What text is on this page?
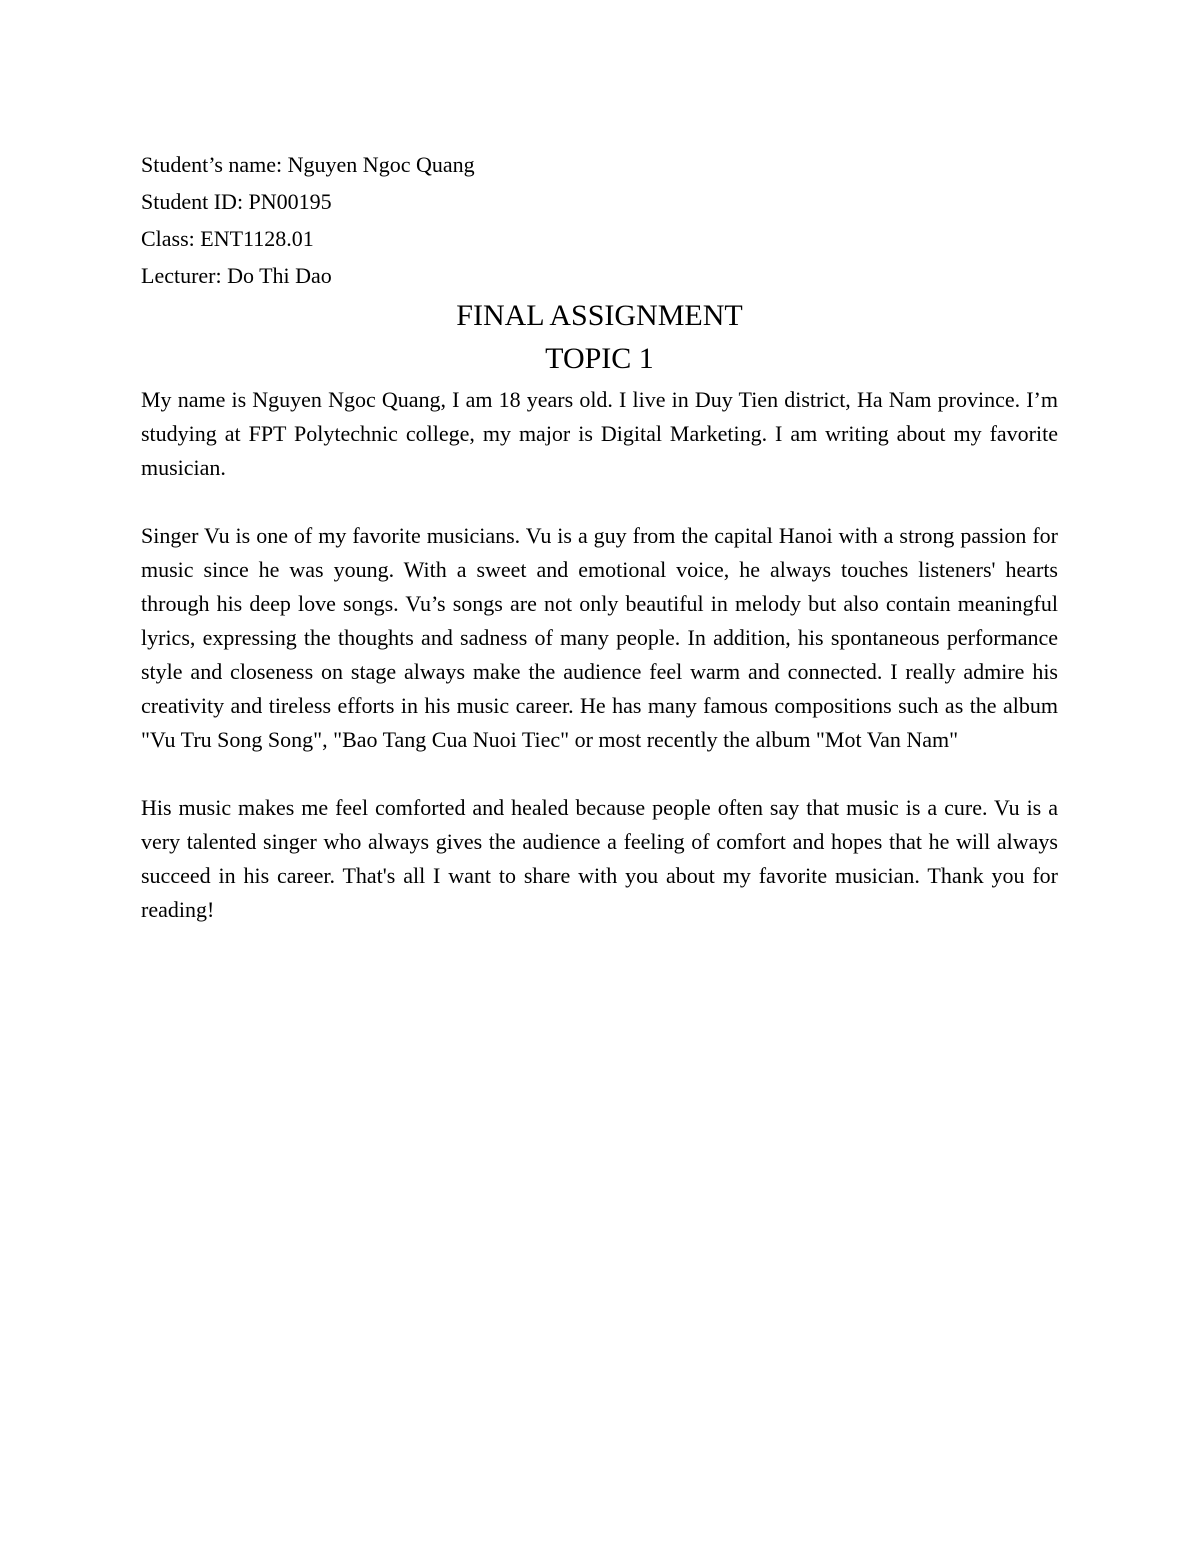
Student’s name: Nguyen Ngoc Quang
Student ID: PN00195
Class: ENT1128.01
Lecturer: Do Thi Dao
FINAL ASSIGNMENT
TOPIC 1

My name is Nguyen Ngoc Quang, I am 18 years old. I live in Duy Tien district, Ha Nam province. I’m studying at FPT Polytechnic college, my major is Digital Marketing. I am writing about my favorite musician.

Singer Vu is one of my favorite musicians. Vu is a guy from the capital Hanoi with a strong passion for music since he was young. With a sweet and emotional voice, he always touches listeners' hearts through his deep love songs. Vu’s songs are not only beautiful in melody but also contain meaningful lyrics, expressing the thoughts and sadness of many people. In addition, his spontaneous performance style and closeness on stage always make the audience feel warm and connected. I really admire his creativity and tireless efforts in his music career. He has many famous compositions such as the album "Vu Tru Song Song", "Bao Tang Cua Nuoi Tiec" or most recently the album "Mot Van Nam"

His music makes me feel comforted and healed because people often say that music is a cure. Vu is a very talented singer who always gives the audience a feeling of comfort and hopes that he will always succeed in his career. That's all I want to share with you about my favorite musician. Thank you for reading!
